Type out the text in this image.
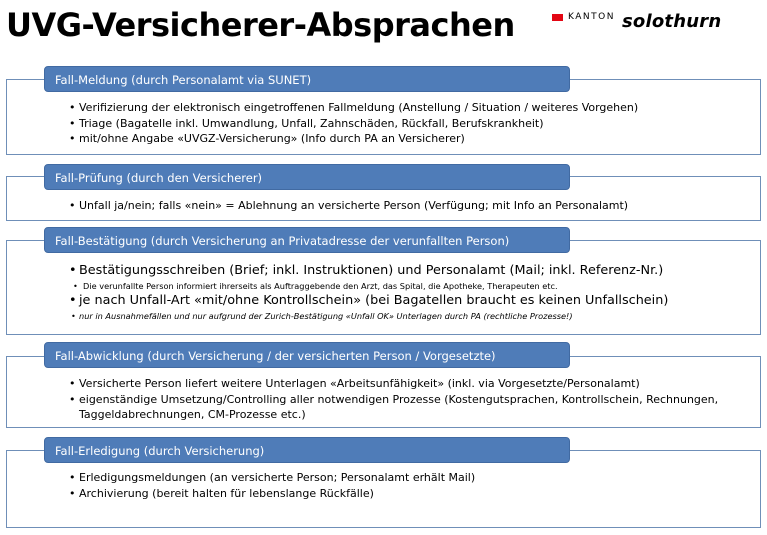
UVG-Versicherer-Absprachen	KANTON solothurn
• Verifizierung der elektronisch eingetroffenen Fallmeldung (Anstellung / Situation / weiteres Vorgehen)
• Triage (Bagatelle inkl. Umwandlung, Unfall, Zahnschäden, Rückfall, Berufskrankheit)
• mit/ohne Angabe «UVGZ-Versicherung» (Info durch PA an Versicherer)
Fall-Meldung (durch Personalamt via SUNET)
• Unfall ja/nein; falls «nein» = Ablehnung an versicherte Person (Verfügung; mit Info an Personalamt)
Fall-Prüfung (durch den Versicherer)
• Bestätigungsschreiben (Brief; inkl. Instruktionen) und Personalamt (Mail; inkl. Referenz-Nr.)
• Die verunfallte Person informiert ihrerseits als Auftraggebende den Arzt, das Spital, die Apotheke, Therapeuten etc.
• je nach Unfall-Art «mit/ohne Kontrollschein» (bei Bagatellen braucht es keinen Unfallschein)
• nur in Ausnahmefällen und nur aufgrund der Zurich-Bestätigung «Unfall OK» Unterlagen durch PA (rechtliche Prozesse!)
Fall-Bestätigung (durch Versicherung an Privatadresse der verunfallten Person)
• Versicherte Person liefert weitere Unterlagen «Arbeitsunfähigkeit» (inkl. via Vorgesetzte/Personalamt)
• eigenständige Umsetzung/Controlling aller notwendigen Prozesse (Kostengutsprachen, Kontrollschein, Rechnungen, Taggeldabrechnungen, CM-Prozesse etc.)
Fall-Abwicklung (durch Versicherung / der versicherten Person / Vorgesetzte)
• Erledigungsmeldungen (an versicherte Person; Personalamt erhält Mail)
• Archivierung (bereit halten für lebenslange Rückfälle)
Fall-Erledigung (durch Versicherung)
